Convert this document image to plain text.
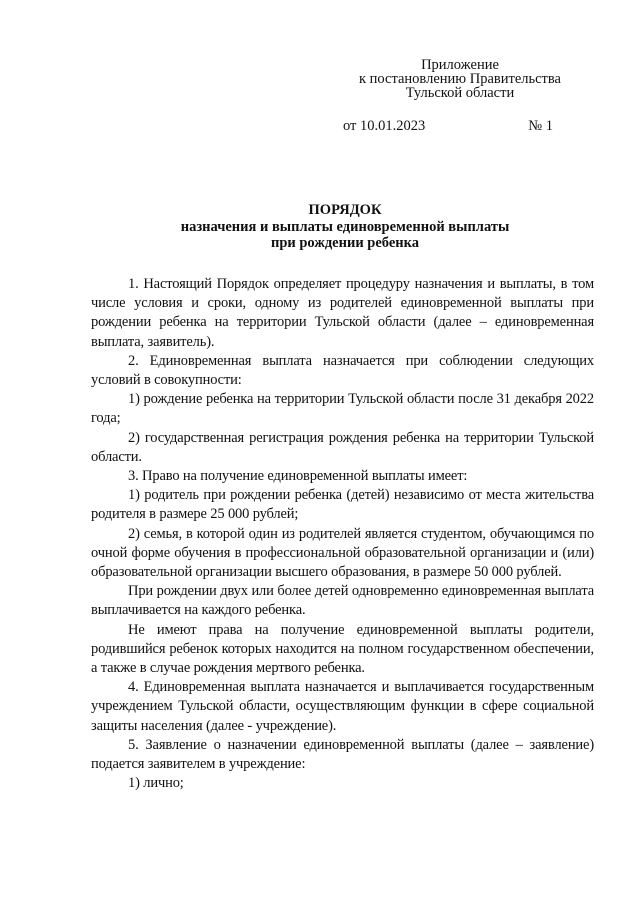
Приложение
к постановлению Правительства
Тульской области
от 10.01.2023	№ 1
ПОРЯДОК
назначения и выплаты единовременной выплаты
при рождении ребенка

1. Настоящий Порядок определяет процедуру назначения и выплаты, в том числе условия и сроки, одному из родителей единовременной выплаты при рождении ребенка на территории Тульской области (далее – единовременная выплата, заявитель).

2. Единовременная выплата назначается при соблюдении следующих условий в совокупности:

1) рождение ребенка на территории Тульской области после 31 декабря 2022 года;

2) государственная регистрация рождения ребенка на территории Тульской области.

3. Право на получение единовременной выплаты имеет:

1) родитель при рождении ребенка (детей) независимо от места жительства родителя в размере 25 000 рублей;

2) семья, в которой один из родителей является студентом, обучающимся по очной форме обучения в профессиональной образовательной организации и (или) образовательной организации высшего образования, в размере 50 000 рублей.

При рождении двух или более детей одновременно единовременная выплата выплачивается на каждого ребенка.

Не имеют права на получение единовременной выплаты родители, родившийся ребенок которых находится на полном государственном обеспечении, а также в случае рождения мертвого ребенка.

4. Единовременная выплата назначается и выплачивается государственным учреждением Тульской области, осуществляющим функции в сфере социальной защиты населения (далее - учреждение).

5. Заявление о назначении единовременной выплаты (далее – заявление) подается заявителем в учреждение:

1) лично;
